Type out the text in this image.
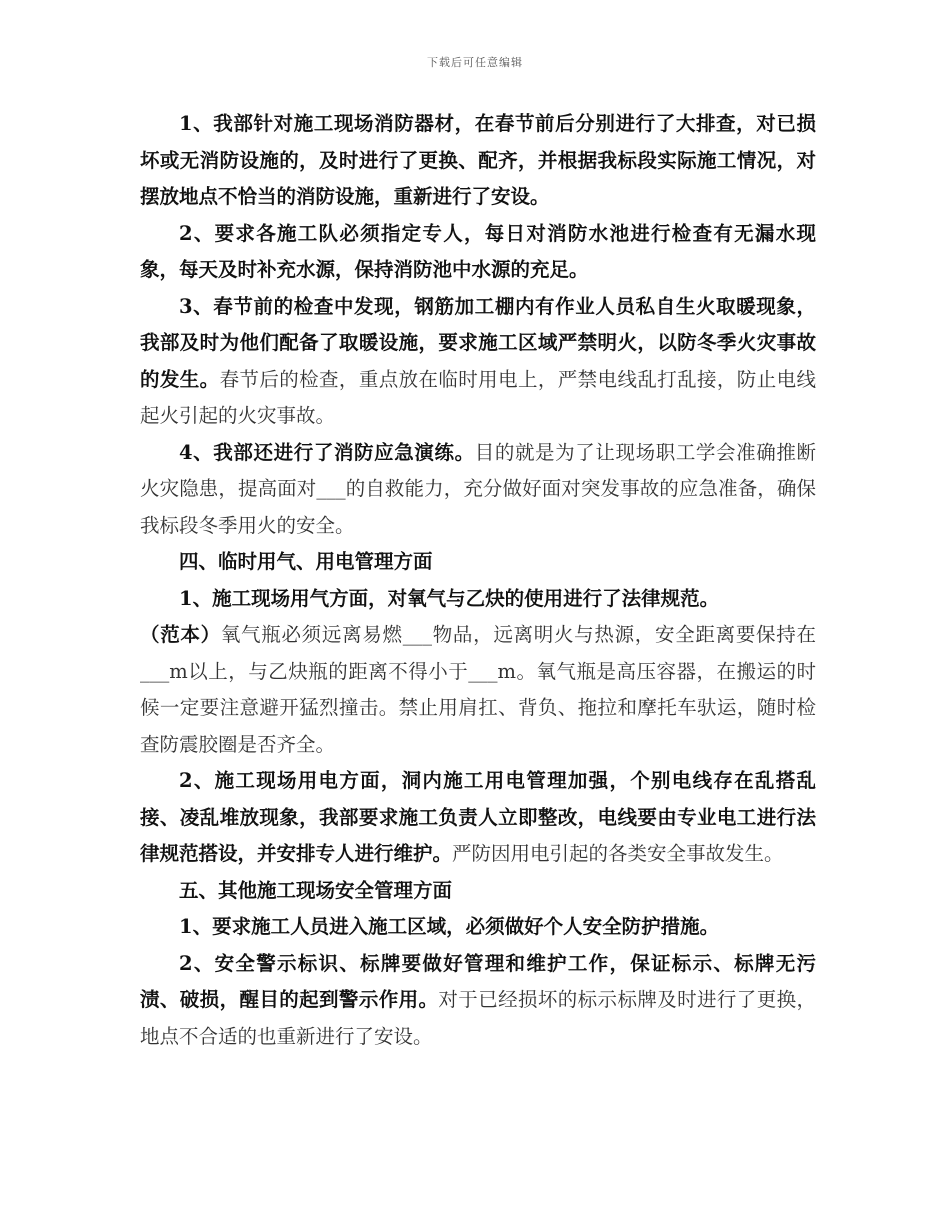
下载后可任意编辑

1、我部针对施工现场消防器材，在春节前后分别进行了大排查，对已损坏或无消防设施的，及时进行了更换、配齐，并根据我标段实际施工情况，对摆放地点不恰当的消防设施，重新进行了安设。

2、要求各施工队必须指定专人，每日对消防水池进行检查有无漏水现象，每天及时补充水源，保持消防池中水源的充足。

3、春节前的检查中发现，钢筋加工棚内有作业人员私自生火取暖现象，我部及时为他们配备了取暖设施，要求施工区域严禁明火，以防冬季火灾事故的发生。春节后的检查，重点放在临时用电上，严禁电线乱打乱接，防止电线起火引起的火灾事故。

4、我部还进行了消防应急演练。目的就是为了让现场职工学会准确推断火灾隐患，提高面对___的自救能力，充分做好面对突发事故的应急准备，确保我标段冬季用火的安全。

四、临时用气、用电管理方面

1、施工现场用气方面，对氧气与乙炔的使用进行了法律规范。

（范本）氧气瓶必须远离易燃___物品，远离明火与热源，安全距离要保持在___m以上，与乙炔瓶的距离不得小于___m。氧气瓶是高压容器，在搬运的时候一定要注意避开猛烈撞击。禁止用肩扛、背负、拖拉和摩托车驮运，随时检查防震胶圈是否齐全。

2、施工现场用电方面，洞内施工用电管理加强，个别电线存在乱搭乱接、凌乱堆放现象，我部要求施工负责人立即整改，电线要由专业电工进行法律规范搭设，并安排专人进行维护。严防因用电引起的各类安全事故发生。

五、其他施工现场安全管理方面

1、要求施工人员进入施工区域，必须做好个人安全防护措施。

2、安全警示标识、标牌要做好管理和维护工作，保证标示、标牌无污渍、破损，醒目的起到警示作用。对于已经损坏的标示标牌及时进行了更换，地点不合适的也重新进行了安设。
